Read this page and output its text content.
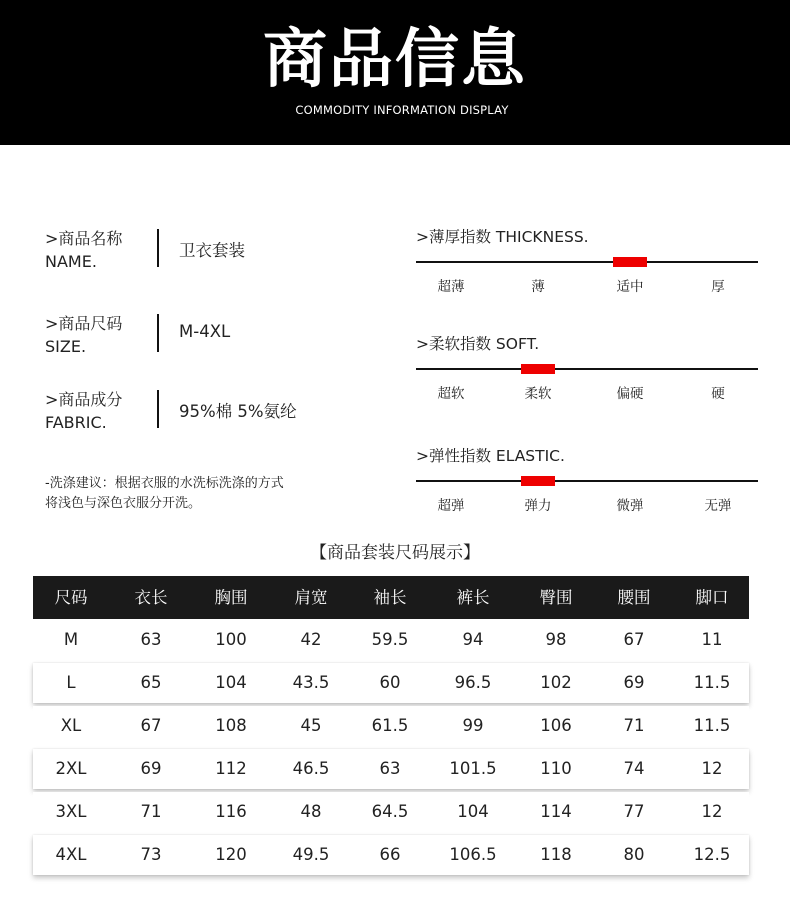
商品信息
COMMODITY INFORMATION DISPLAY
>商品名称
NAME.
卫衣套装
>商品尺码
SIZE.
M-4XL
>商品成分
FABRIC.
95%棉 5%氨纶
-洗涤建议：根据衣服的水洗标洗涤的方式
将浅色与深色衣服分开洗。
>薄厚指数 THICKNESS.
超薄	薄	适中	厚
>柔软指数 SOFT.
超软	柔软	偏硬	硬
>弹性指数 ELASTIC.
超弹	弹力	微弹	无弹
【商品套装尺码展示】
尺码	衣长	胸围	肩宽	袖长	裤长	臀围	腰围	脚口
M	63	100	42	59.5	94	98	67	11
L	65	104	43.5	60	96.5	102	69	11.5
XL	67	108	45	61.5	99	106	71	11.5
2XL	69	112	46.5	63	101.5	110	74	12
3XL	71	116	48	64.5	104	114	77	12
4XL	73	120	49.5	66	106.5	118	80	12.5
